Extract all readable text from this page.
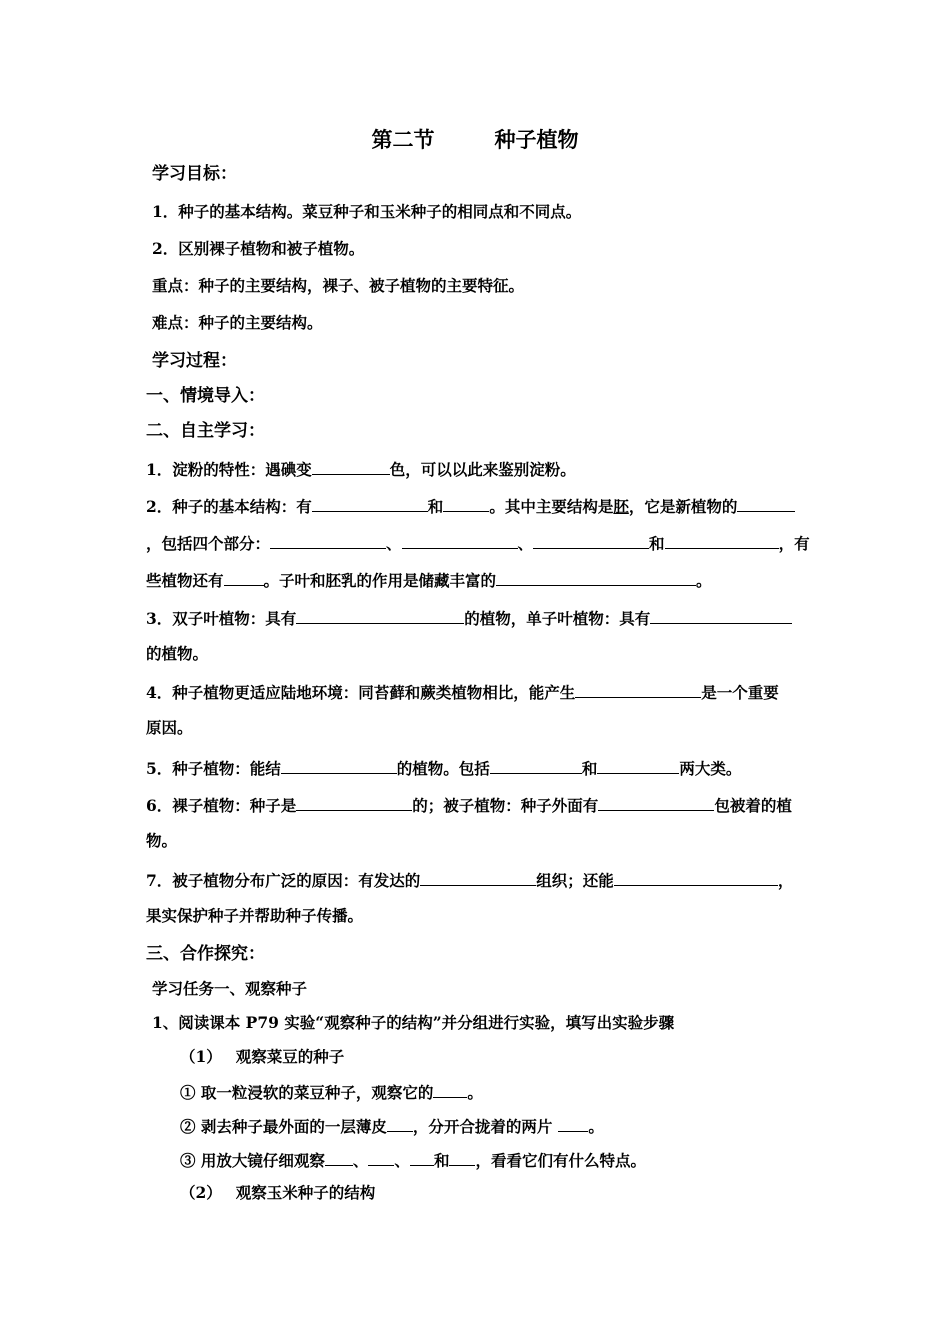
第二节	种子植物
学习目标：
1．种子的基本结构。菜豆种子和玉米种子的相同点和不同点。
2．区别裸子植物和被子植物。
重点：种子的主要结构，裸子、被子植物的主要特征。
难点：种子的主要结构。
学习过程：
一、情境导入：
二、自主学习：
1．淀粉的特性：遇碘变	色，可以以此来鉴别淀粉。
2．种子的基本结构：有	和	。其中主要结构是胚，它是新植物的
，包括四个部分：	、	、	和	，有
些植物还有	。子叶和胚乳的作用是储藏丰富的	。
3．双子叶植物：具有	的植物，单子叶植物：具有
的植物。
4．种子植物更适应陆地环境：同苔藓和蕨类植物相比，能产生	是一个重要
原因。
5．种子植物：能结	的植物。包括	和	两大类。
6．裸子植物：种子是	的；被子植物：种子外面有	包被着的植
物。
7．被子植物分布广泛的原因：有发达的	组织；还能	，
果实保护种子并帮助种子传播。
三、合作探究：
学习任务一、观察种子
1、阅读课本 P79 实验“观察种子的结构”并分组进行实验，填写出实验步骤
（1） 观察菜豆的种子
① 取一粒浸软的菜豆种子，观察它的 。
② 剥去种子最外面的一层薄皮 ，分开合拢着的两片 。
③ 用放大镜仔细观察 、 、 和 ，看看它们有什么特点。
（2） 观察玉米种子的结构
